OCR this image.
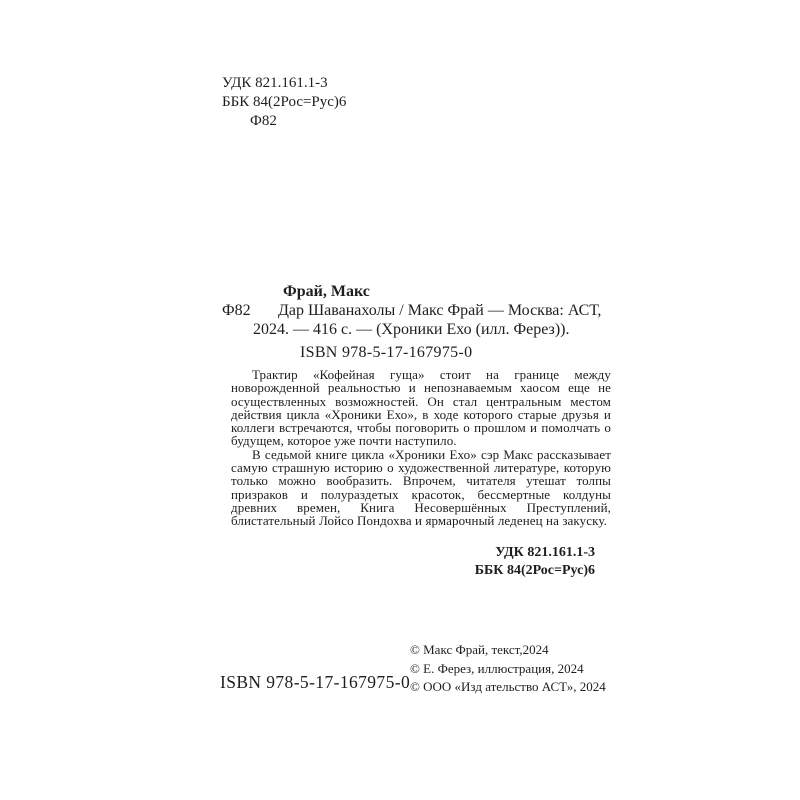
УДК 821.161.1-3
ББК 84(2Рос=Рус)6
Ф82
Фрай, Макс
Ф82 Дар Шаванахолы / Макс Фрай — Москва: АСТ,
2024. — 416 с. — (Хроники Ехо (илл. Ферез)).
ISBN 978-5-17-167975-0

Трактир «Кофейная гуща» стоит на границе между новорожденной реальностью и непознаваемым хаосом еще не осуществленных возможностей. Он стал центральным местом действия цикла «Хроники Ехо», в ходе которого старые друзья и коллеги встречаются, чтобы поговорить о прошлом и помолчать о будущем, которое уже почти наступило.

В седьмой книге цикла «Хроники Ехо» сэр Макс рассказывает самую страшную историю о художественной литературе, которую только можно вообразить. Впрочем, читателя утешат толпы призраков и полураздетых красоток, бессмертные колдуны древних времен, Книга Несовершённых Преступлений, блистательный Лойсо Пондохва и ярмарочный леденец на закуску.

УДК 821.161.1-3
ББК 84(2Рос=Рус)6
© Макс Фрай, текст,2024
© Е. Ферез, иллюстрация, 2024
© ООО «Изд ательство АСТ», 2024
ISBN 978-5-17-167975-0
